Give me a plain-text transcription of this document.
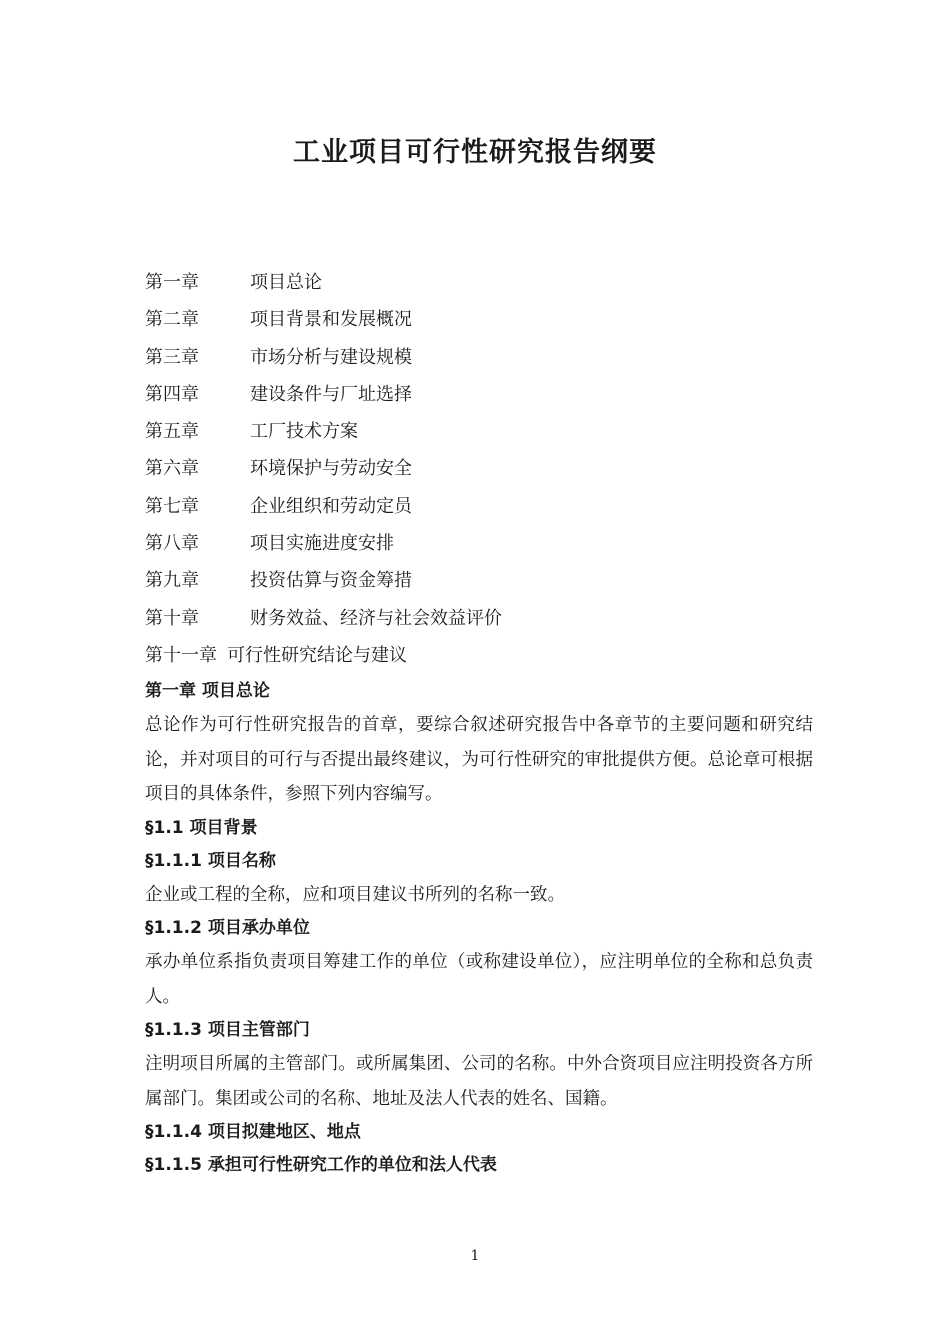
工业项目可行性研究报告纲要
第一章	项目总论
第二章	项目背景和发展概况
第三章	市场分析与建设规模
第四章	建设条件与厂址选择
第五章	工厂技术方案
第六章	环境保护与劳动安全
第七章	企业组织和劳动定员
第八章	项目实施进度安排
第九章	投资估算与资金筹措
第十章	财务效益、经济与社会效益评价
第十一章 可行性研究结论与建议
第一章 项目总论

总论作为可行性研究报告的首章，要综合叙述研究报告中各章节的主要问题和研究结论，并对项目的可行与否提出最终建议，为可行性研究的审批提供方便。总论章可根据项目的具体条件，参照下列内容编写。

§1.1 项目背景
§1.1.1 项目名称

企业或工程的全称，应和项目建议书所列的名称一致。

§1.1.2 项目承办单位

承办单位系指负责项目筹建工作的单位（或称建设单位），应注明单位的全称和总负责人。

§1.1.3 项目主管部门

注明项目所属的主管部门。或所属集团、公司的名称。中外合资项目应注明投资各方所属部门。集团或公司的名称、地址及法人代表的姓名、国籍。

§1.1.4 项目拟建地区、地点
§1.1.5 承担可行性研究工作的单位和法人代表
1
